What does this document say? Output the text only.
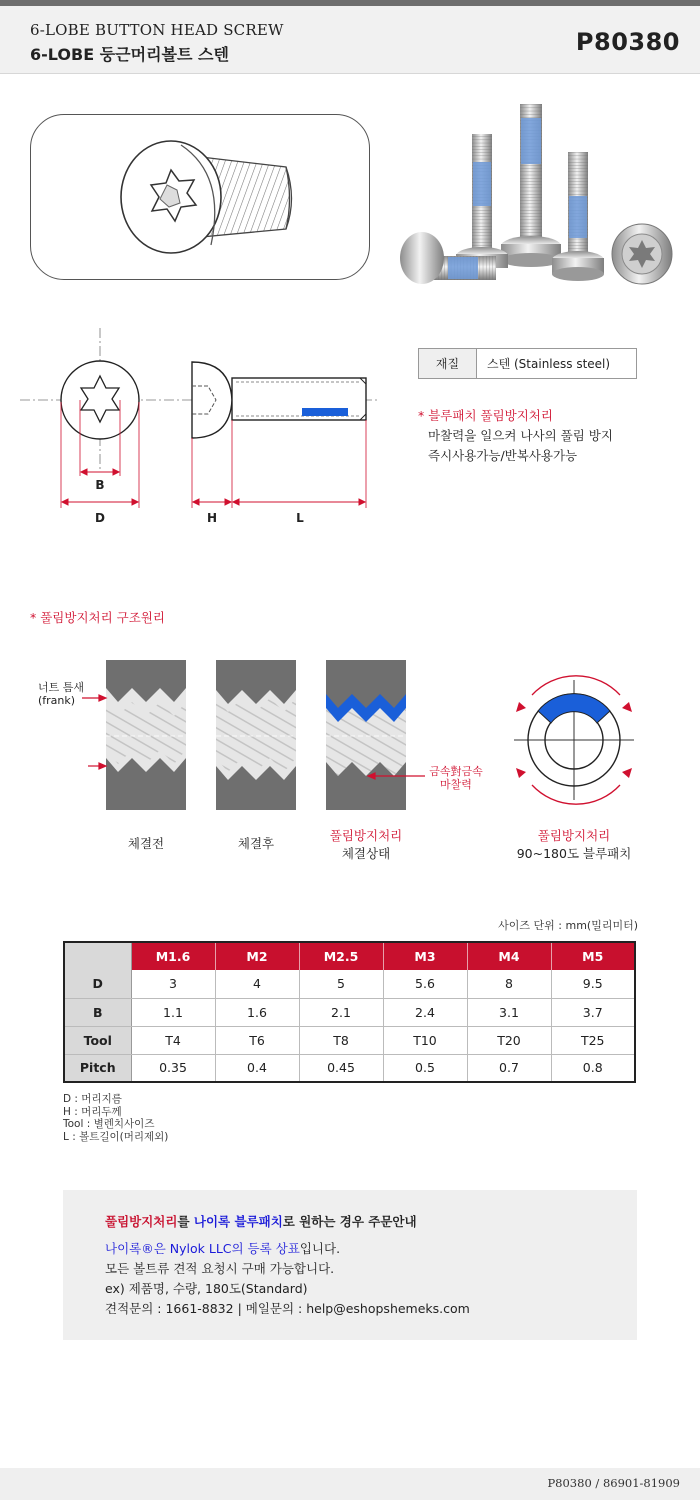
6-LOBE BUTTON HEAD SCREW
6-LOBE 둥근머리볼트 스텐	P80380
B
D	H	L
재질	스텐 (Stainless steel)
* 블루패치 풀림방지처리
마찰력을 일으켜 나사의 풀림 방지
즉시사용가능/반복사용가능
* 풀림방지처리 구조원리
너트 틈새
(frank)
금속對금속
마찰력
체결전	체결후
풀림방지처리
체결상태
풀림방지처리
90~180도 블루패치
사이즈 단위 : mm(밀리미터)
	M1.6	M2	M2.5	M3	M4	M5
D	3	4	5	5.6	8	9.5
B	1.1	1.6	2.1	2.4	3.1	3.7
Tool	T4	T6	T8	T10	T20	T25
Pitch	0.35	0.4	0.45	0.5	0.7	0.8
D : 머리지름
H : 머리두께
Tool : 별렌치사이즈
L : 볼트길이(머리제외)

풀림방지처리를 나이록 블루패치로 원하는 경우 주문안내

나이록®은 Nylok LLC의 등록 상표입니다.

모든 볼트류 견적 요청시 구매 가능합니다.

ex) 제품명, 수량, 180도(Standard)

견적문의 : 1661-8832 | 메일문의 : help@eshopshemeks.com

P80380 / 86901-81909
